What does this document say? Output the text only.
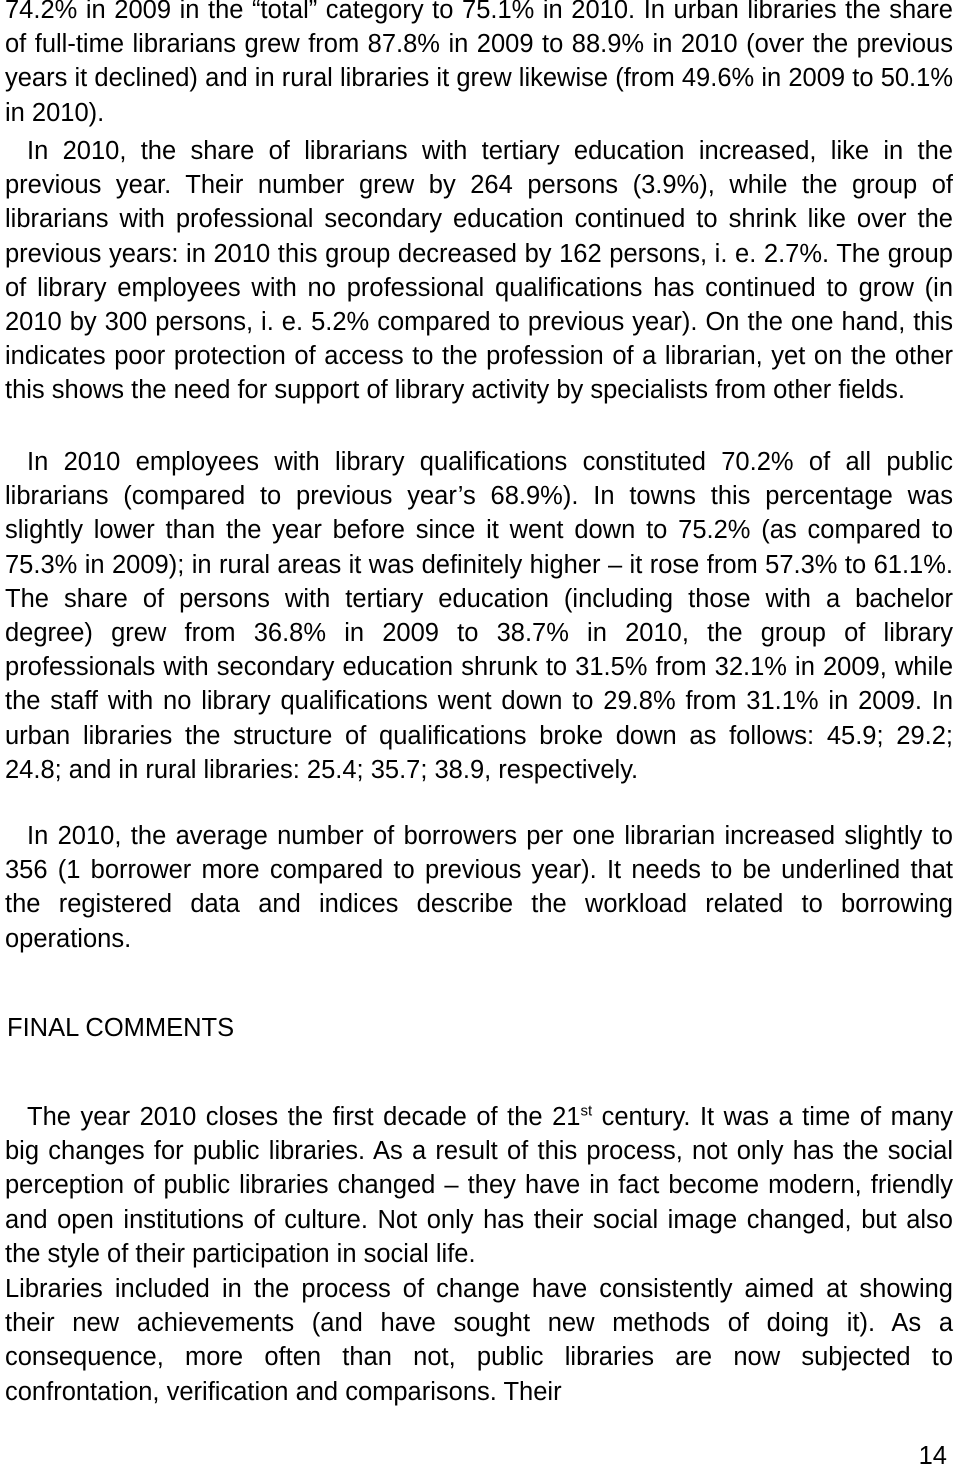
74.2% in 2009 in the “total” category to 75.1% in 2010. In urban libraries the share of full-time librarians grew from 87.8% in 2009 to 88.9% in 2010 (over the previous years it declined) and in rural libraries it grew likewise (from 49.6% in 2009 to 50.1% in 2010).

In 2010, the share of librarians with tertiary education increased, like in the previous year. Their number grew by 264 persons (3.9%), while the group of librarians with professional secondary education continued to shrink like over the previous years: in 2010 this group decreased by 162 persons, i. e. 2.7%. The group of library employees with no professional qualifications has continued to grow (in 2010 by 300 persons, i. e. 5.2% compared to previous year). On the one hand, this indicates poor protection of access to the profession of a librarian, yet on the other this shows the need for support of library activity by specialists from other fields.

In 2010 employees with library qualifications constituted 70.2% of all public librarians (compared to previous year’s 68.9%). In towns this percentage was slightly lower than the year before since it went down to 75.2% (as compared to 75.3% in 2009); in rural areas it was definitely higher – it rose from 57.3% to 61.1%. The share of persons with tertiary education (including those with a bachelor degree) grew from 36.8% in 2009 to 38.7% in 2010, the group of library professionals with secondary education shrunk to 31.5% from 32.1% in 2009, while the staff with no library qualifications went down to 29.8% from 31.1% in 2009. In urban libraries the structure of qualifications broke down as follows: 45.9; 29.2; 24.8; and in rural libraries: 25.4; 35.7; 38.9, respectively.

In 2010, the average number of borrowers per one librarian increased slightly to 356 (1 borrower more compared to previous year). It needs to be underlined that the registered data and indices describe the workload related to borrowing operations.

FINAL COMMENTS

The year 2010 closes the first decade of the 21st century. It was a time of many big changes for public libraries. As a result of this process, not only has the social perception of public libraries changed – they have in fact become modern, friendly and open institutions of culture. Not only has their social image changed, but also the style of their participation in social life.

Libraries included in the process of change have consistently aimed at showing their new achievements (and have sought new methods of doing it). As a consequence, more often than not, public libraries are now subjected to confrontation, verification and comparisons. Their

14
